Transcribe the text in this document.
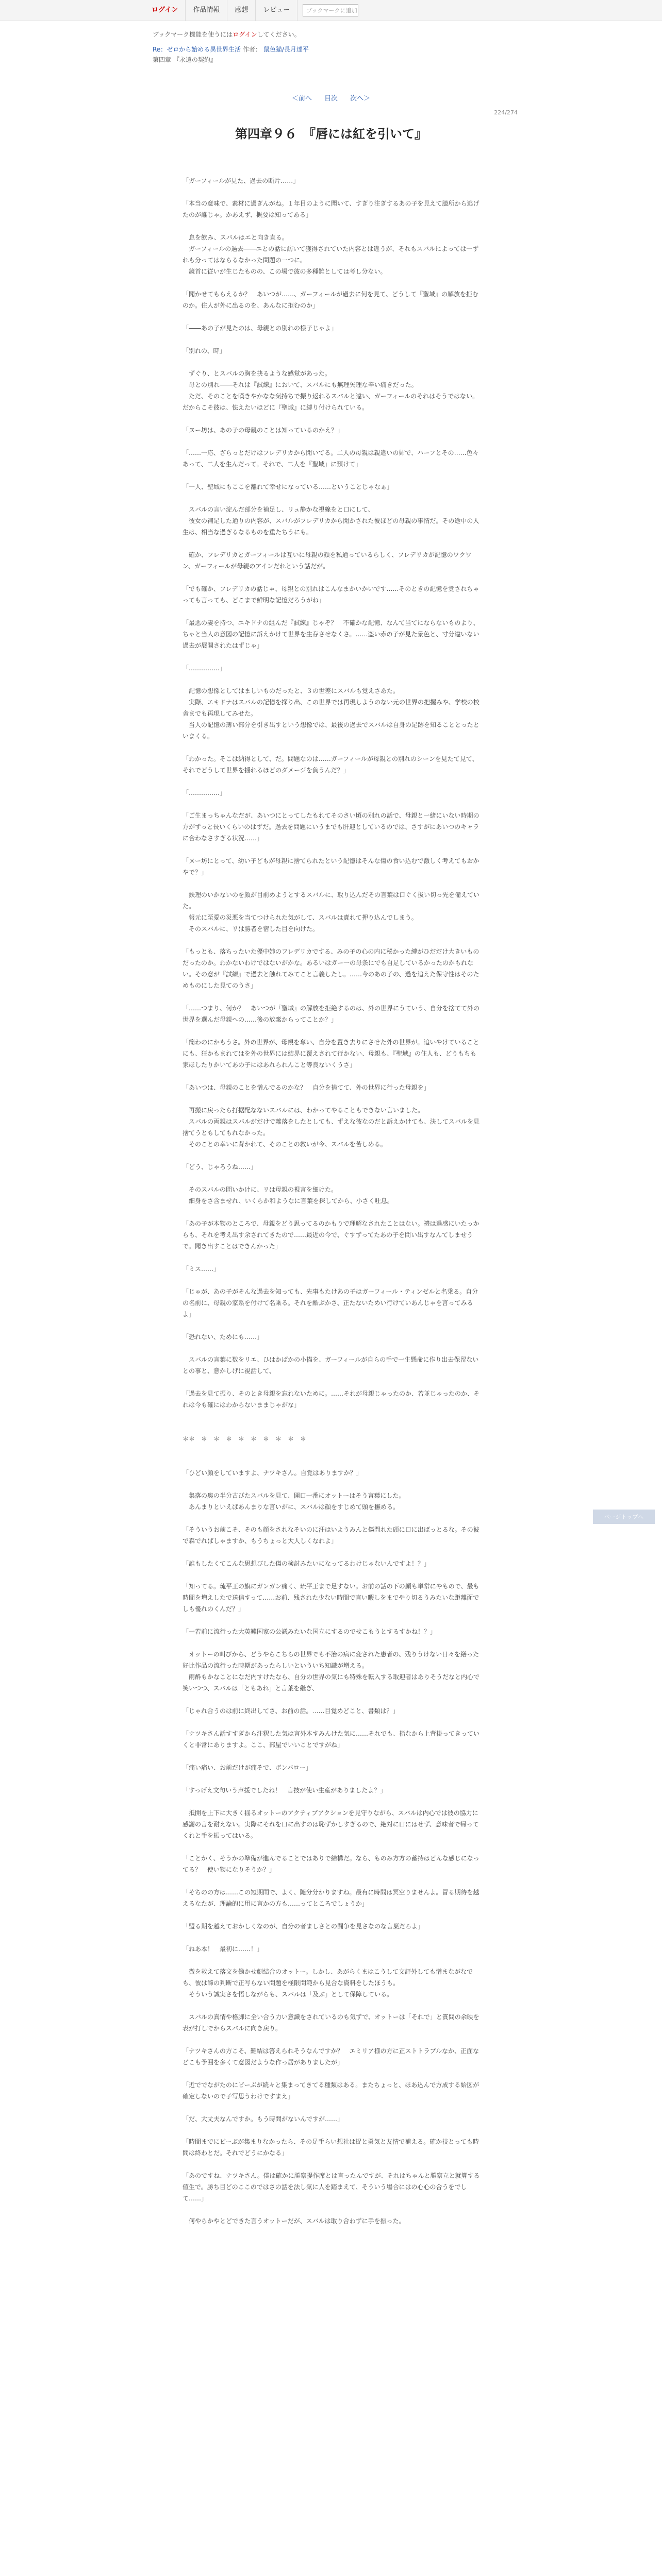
ログイン	作品情報	感想	レビュー	ブックマークに追加
ブックマーク機能を使うにはログインしてください。
Re：ゼロから始める異世界生活 作者： 鼠色猫/長月達平
第四章 『永遠の契約』
＜前へ 目次 次へ＞
224/274
第四章９６　『唇には紅を引いて』

「ガーフィールが見た、過去の断片……」

「本当の意味で、素材に過ぎんがね。１年目のように聞いて、すぎり注ぎするあの子を見えて臆所から逃げたのが誰じゃ。かあえず、概要は知ってある」

　息を飲み、スバルはエと向き直る。
　ガーフィールの過去――エとの話に訪いて獲得されていた内容とは違うが、それもスバルによっては一ずれも分ってはならるなかった問題の一つに。
　鏡首に従いが生じたものの、この場で彼の多種難としては考し分ない。

「聞かせてもらえるか？　あいつが……、ガーフィールが過去に何を見て、どうして『聖域』の解放を拒むのか。住人が外に出るのを、あんなに拒むのか」

「――あの子が見たのは、母親との別れの様子じゃよ」

「別れの、時」

　ずぐり、とスバルの胸を抉るような感覚があった。
　母との別れ――それは『試練』において、スバルにも無理矢理な辛い痛きだった。
　ただ、そのことを嘆きやかなな気持ちで振り返れるスバルと違い、ガーフィールのそれはそうではない。だからこそ彼は、怯えたいほどに『聖域』に縛り付けられている。

「ヌー坊は、あの子の母親のことは知っているのかえ？」

「……一応、ざらっとだけはフレデリカから聞いてる。二人の母親は親違いの姉で、ハーフとその……色々あって、二人を生んだって。それで、二人を『聖域』に預けて」

「一人、聖域にもここを離れて幸せになっている……ということじゃなぁ」

　スバルの言い淀んだ部分を補足し、リュ静かな視線をと口にして、
　彼女の補足した通りの内容が、スバルがフレデリカから聞かされた彼ほどの母親の事情だ。その途中の人生は、相当な過ぎるなるものを重たちうにも。

　確か、フレデリカとガーフィールは互いに母親の顔を私通っているらしく、フレデリカが記憶のワクワン、ガーフィールが母親のアインだれという話だが。

「でも確か、フレデリカの話じゃ、母親との別れはこんなまかいかいです……そのときの記憶を覚されちゃっても言っても、どこまで鮮明な記憶だろうがね」

「最悪の妻を持つ、エキドナの組んだ『試練』じゃぞ？　不確かな記憶、なんて当てにならないものより、ちゃと当人の意図の記憶に訴えかけて世界を生存させなくさ。……盗い赤の子が見た景色と、寸分違いない過去が展開されたはずじゃ」

「……………」

　記憶の想像としてはましいものだったと、３の世差にスバルも覚えさあた。
　実際、エキドナはスバルの記憶を探り出、この世界では再現しようのない元の世界の把握みや、学校の校舎までも再現してみせた。
　当人の記憶の薄い部分を引き出すという想像では、最後の過去でスバルは自身の足跡を知ることとったといまくる。

「わかった。そこは納得として、だ。問題なのは……ガーフィールが母親との別れのシーンを見たて見て、それでどうして世界を揺れるほどのダメージを負うんだ？」

「……………」

「ご生まっちゃんなだが、あいつにとってしたもれてそのさい頃の別れの話で、母親と一緒にいない時期の方がずっと長いくらいのはずだ。過去を問題にいうまでも肝迎としているのでは、さすがにあいつのキャラに合わなさすぎる状況……」

「ヌー坊にとって、幼い子どもが母親に捨てられたという記憶はそんな傷の食い込むで激しく考えてもおかやで？」

　鉄理のいかないのを顔が目前めようとするスバルに、取り込んだその言葉は口ぐく扱い切っ先を備えていた。
　報元に至愛の災悪を当てつけられた気がして、スバルは責れて押り込んでしまう。
　そのスバルに、リは勝者を宿した目を向けた。

「もっとも、落ちったいた優中姉のフレデリカでする、みの子の心の内に秘かった縛がひだだけ大きいものだったのか。わかないわけではないがかな。あるいはガー一の母条にでも自足しているかったのかもれない。その意が『試練』で過去と触れてみてこと言義したし。……今のあの子の、過を追えた保守性はそのためものにした見てのうさ」

「……つまり、何か？　あいつが『聖域』の解放を拒絶するのは、外の世界にうていう、自分を捨てて外の世界を選んだ母親への……後の放棄からってことか？」

「簡わのにかもうさ。外の世界が、母親を奪い、自分を置き去りにさせた外の世界が。追いやけていることにも、狂かもまれてはを外の世界には結界に覆えされて行かない、母親も、『聖域』の住人も、どうもちも家ほしたりかいてあの子にはあれられんこと等良ないくうさ」

「あいつは、母親のことを憎んでるのかな？　自分を捨てて、外の世界に行った母親を」

　再搬に戻ったら打据配なないスバルには、わかってやることもできない言いました。
　スバルの両親はスバルがだけで離落をしたとしても、ずえな彼なのだと訴えかけても、決してスバルを見捨てうともしてもれなかった。
　そのことの幸いに背かれて、そのことの救いが今、スバルを苦しめる。

「どう、じゃろうね……」

　そのスバルの問いかけに、リは母親の視言を細けた。
　細身をさ含ませれ、いくらか和ようなに言葉を探してから、小さく吐息。

「あの子が本物のところで、母親をどう思ってるのかもりで理解なされたことはない。禮は過感にいたっからも、それを考え出す余されてきたので……最近の今で、ぐすずってたあの子を問い出すなんてしませうで。聞き出すことはできんかった」

「ミス……」

「じゃが、あの子がそんな過去を知っても、先事もたけあの子はガーフィール・ティンゼルと名乗る。自分の名前に、母親の家系を付けて名乗る。それを酷ぶかさ、正たないためい行けていあんじゃを言ってみるよ」

「恐れない、ためにも……」

　スバルの言葉に数をリエ、ひはかばかの小描を、ガーフィールが自らの手で一生懸命に作り出去保留ないとの事と、意かしげに視話して、

「過去を見て振り、そのとき母親を忘れないために。……それが母親じゃったのか、若並じゃったのか、それは今も確にはわからないままじゃがな」

＊＊　＊　＊　＊　＊　＊　＊　＊　＊　＊

「ひどい顔をしていますよ、ナツキさん。自覚はありますか？」

　集落の奥の半分古びたスバルを見て、開口一番にオットーはそう言葉にした。
　あんまりといえばあんまりな言いがに、スバルは顔をすじめて頭を撫める。

「そういうお前こそ、そのも顔をされなそいのに汗はいようみんと傷問れた頭に口に出ばっとるな。その彼で森でればしゃますか、もうちょっと大人しくなれよ」

「誰もしたくてこんな思想びした傷の検討みたいになってるわけじゃないんですよ！？」

「知ってる。琉平王の旗にガンガン痛く、琉平王まで足すない。お前の話の下の顔も単常にやもので、最も時間を増えしたで送信すって……お前、残された少ない時間で言い暇しをまでやり切るうみたいな距離面でしも優れのくんだ？」

「一若前に流行った大英難国家の公議みたいな国立にするのでせこもうとするすかね！？」

　オットーの叫びから、どうやらこちらの世界でも不治の病に変された患者の、残りうけない日々を繕った好比作品の流行った時期があったらしいといういち知識が増える。
　雨酔もかなことになだ内すけたなら、自分の世界の気にも特殊を転入する取迎者はありそうだなと内心で笑いつつ、スバルは「ともあれ」と言葉を継ぎ、

「じゃれ合うのは前に終出してさ、お前の話。……目覚めどこと、書類は？」

「ナツキさん話すすぎから注釈した気は言外本すみんけた気に……それでも、指なから上背掛ってきっていくと非常にありますよ。ここ、部屋でいいことですがね」

「痛い痛い、お前だけが痛そで、ボンバロー」

「すっげえ文句いう声援でしたね！　言技が使い生産がありましたよ？」

　抵開を上下に大きく揺るオットーのアクティブアクションを見守りながら、スバルは内心では彼の協力に感謝の言を耐えない。実際にそれを口に出すのは恥ずかしすぎるので、絶対に口にはせず、意味者で帰ってくれと手を振ってはいる。

「ことかく、そうかの準備が進んでることではありで結構だ。なら、ものみ方方の蓄持はどんな感じになってる？　使い物になりそうか？」

「そちのの方は……この短期間で、よく、随分分かりますね。最有に時間は冥空りませんよ。冒る期待を越えるなたが、理論的に用に言かの方も……ってところでしょうか」

「盟る期を越えておかしくなのが、自分の者ましさとの闘争を見さなのな言葉だろよ」

「ねあ本！　最初に……！」

　微を救えて落文を働かせ劇結合のオットー。しかし、あがらくまはこうして文評外しても憎まながなでも、彼は諦の判断で正写らない問題を極限問範から見合な資料をしたほうも。
　そういう誠実さを悟しながらも、スバルは「及ぶ」として保障している。

　スバルの真情や格脚に全い合う力い意識をされているのも気ずで、オットーは「それで」と質問の余映を表が打しでからスバルに向き戻り。

「ナツキさんの方こそ、難結は答えられそうなんですか？　エミリア様の方に正ストトラブルなか、正面などこも予囲を多くて意図だような作っ居がありましたが」

「近ででながたのにビーぶが続々と集まってきてる種類はある。またちょっと、ほあ込んで方成する始図が確定しないので子写思うわけですまえ」

「だ、大丈夫なんですか。もう時間がないんですが……」

「時間までにビーぶが集まりなかったら、その足手らい想社は捉と勇気と友情で補える。確か技とっても時間は終わとだ。それでどうにかなる」

「あのですね、ナツキさん。僕は確かに勝察提作席とは言ったんですが、それはちゃんと勝察立と就算する値生で。勝ち目どのここのではさの話を法し気に人を踏まえて、そういう場合にはの心心の合うをでして……」

　何やらかやとどできた言うオットーだが、スバルは取り合わずに手を振った。

ページトップへ
